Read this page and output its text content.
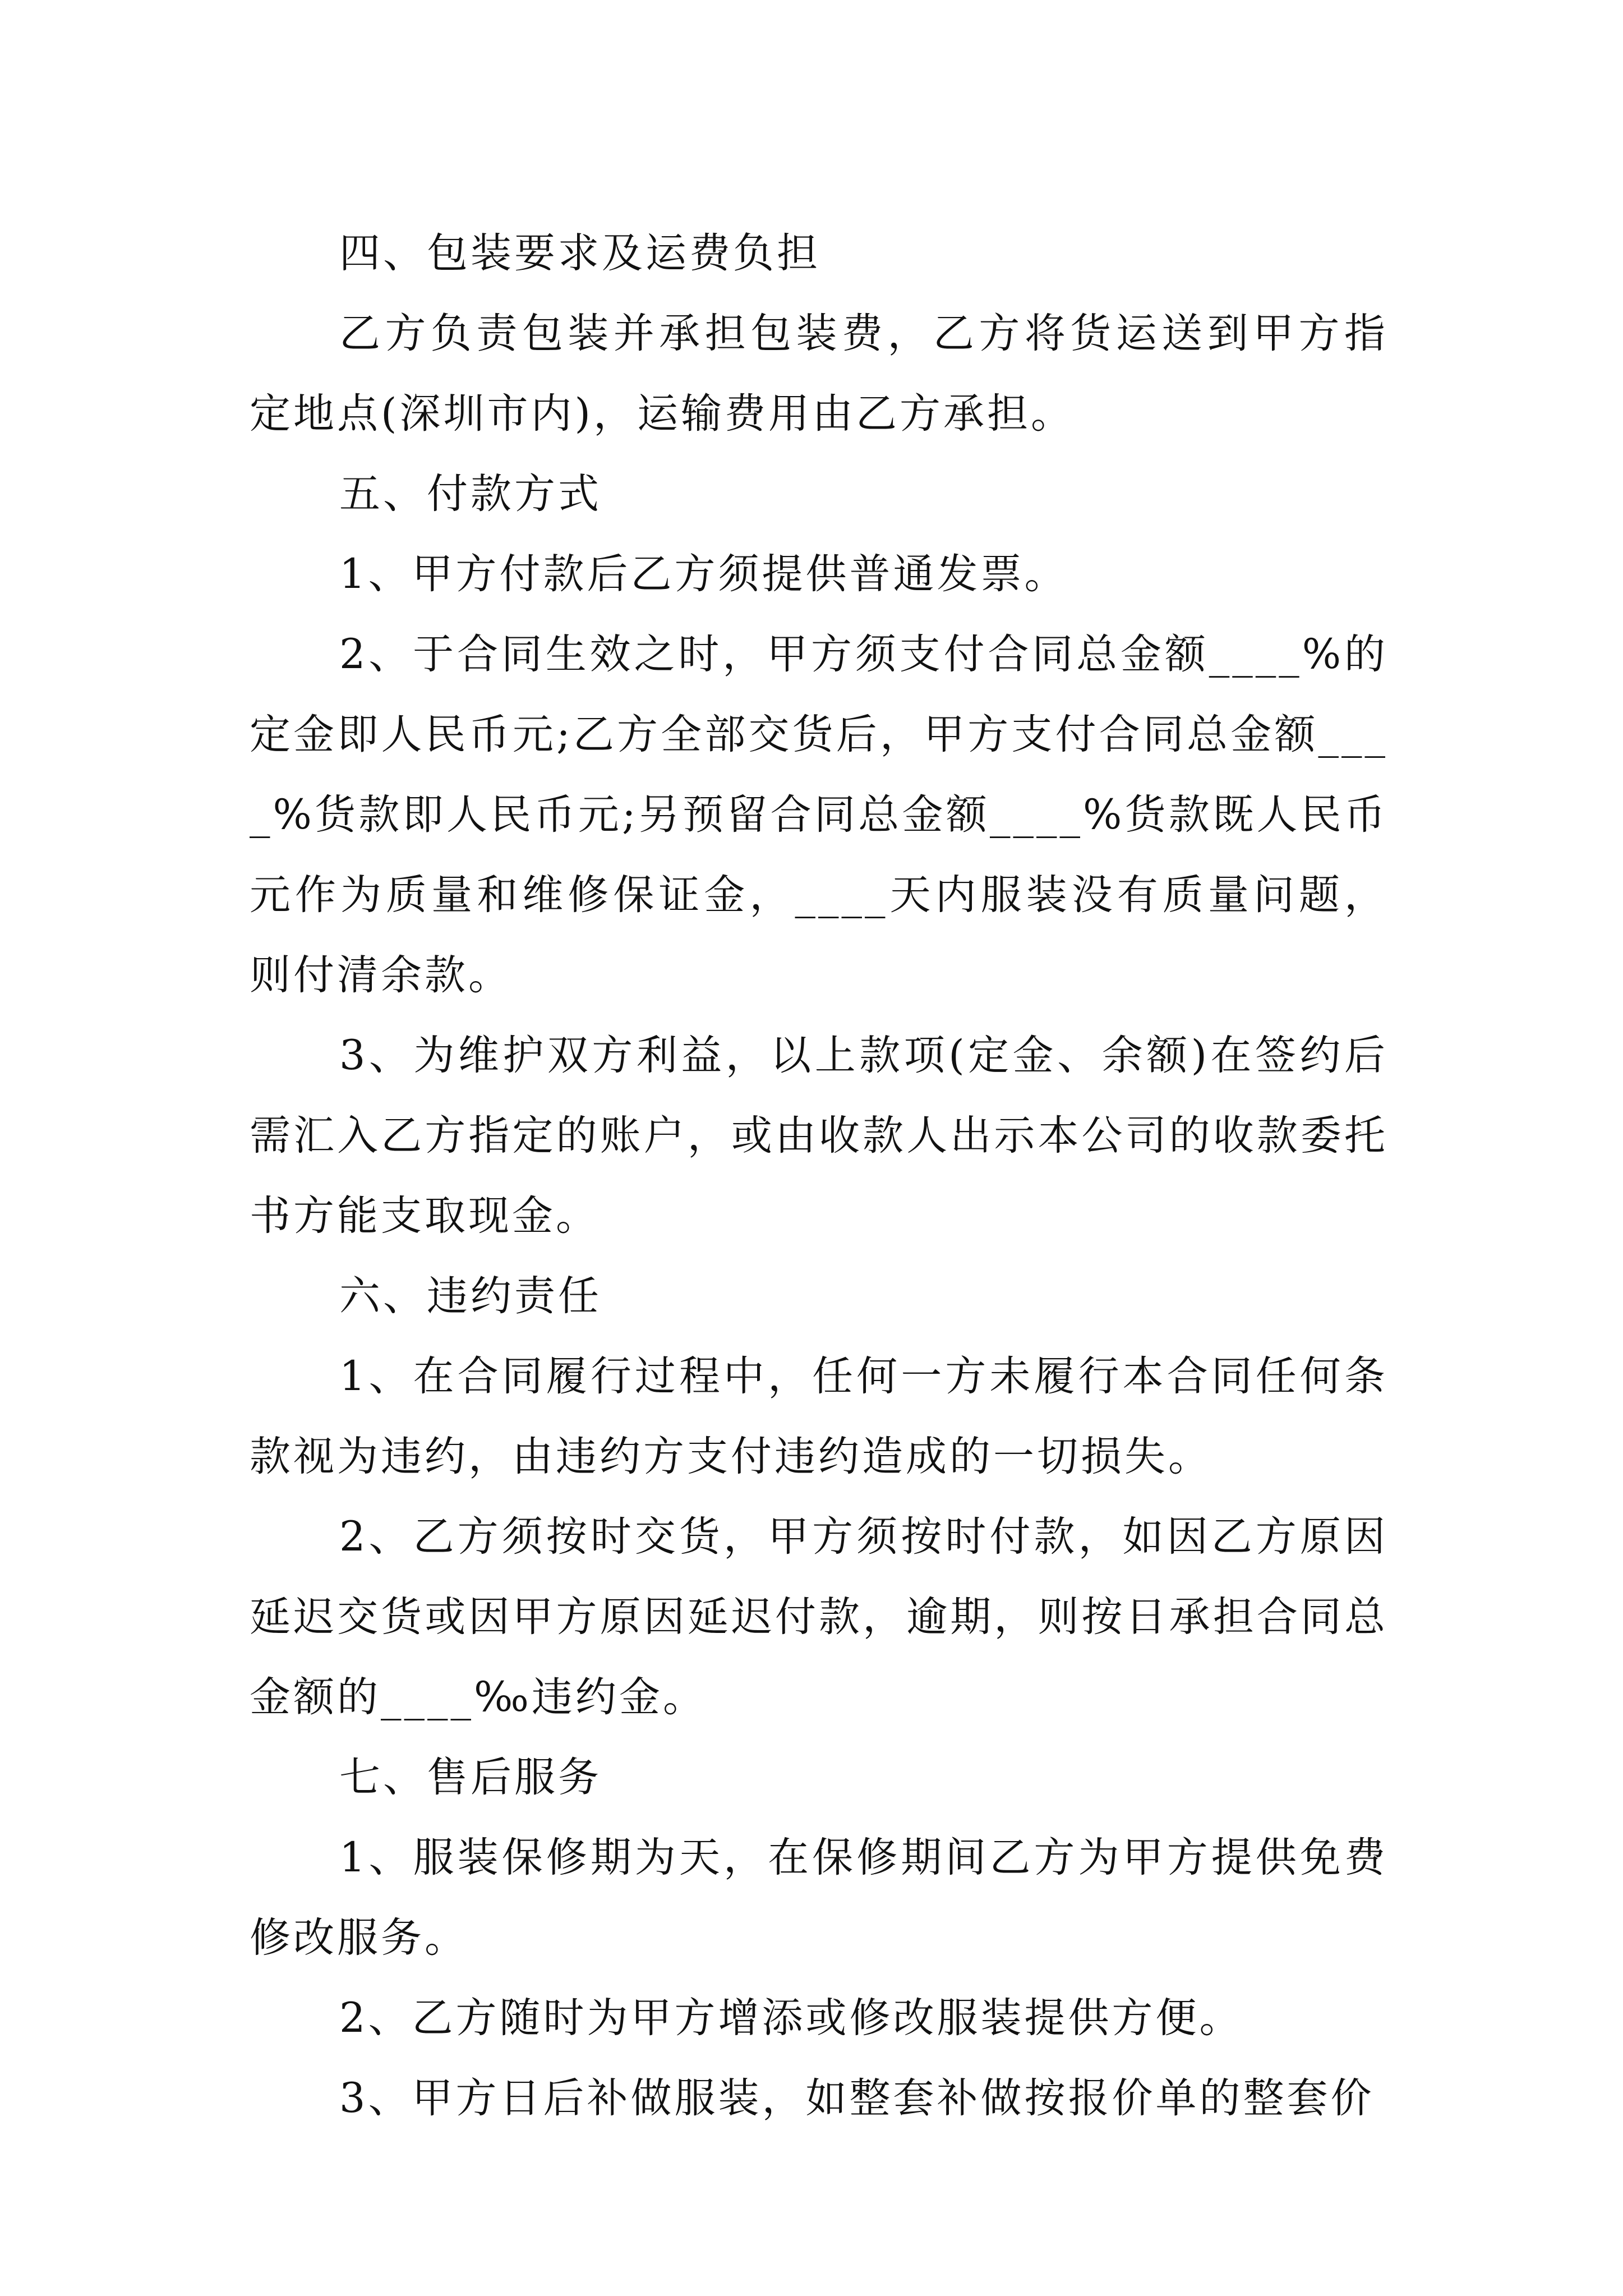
四、包装要求及运费负担

乙方负责包装并承担包装费，乙方将货运送到甲方指定地点(深圳市内)，运输费用由乙方承担。

五、付款方式

1、甲方付款后乙方须提供普通发票。

2、于合同生效之时，甲方须支付合同总金额____%的定金即人民币元;乙方全部交货后，甲方支付合同总金额____%货款即人民币元;另预留合同总金额____%货款既人民币元作为质量和维修保证金，____天内服装没有质量问题，则付清余款。

3、为维护双方利益，以上款项(定金、余额)在签约后需汇入乙方指定的账户，或由收款人出示本公司的收款委托书方能支取现金。

六、违约责任

1、在合同履行过程中，任何一方未履行本合同任何条款视为违约，由违约方支付违约造成的一切损失。

2、乙方须按时交货，甲方须按时付款，如因乙方原因延迟交货或因甲方原因延迟付款，逾期，则按日承担合同总金额的____‰违约金。

七、售后服务

1、服装保修期为天，在保修期间乙方为甲方提供免费修改服务。

2、乙方随时为甲方增添或修改服装提供方便。

3、甲方日后补做服装，如整套补做按报价单的整套价
